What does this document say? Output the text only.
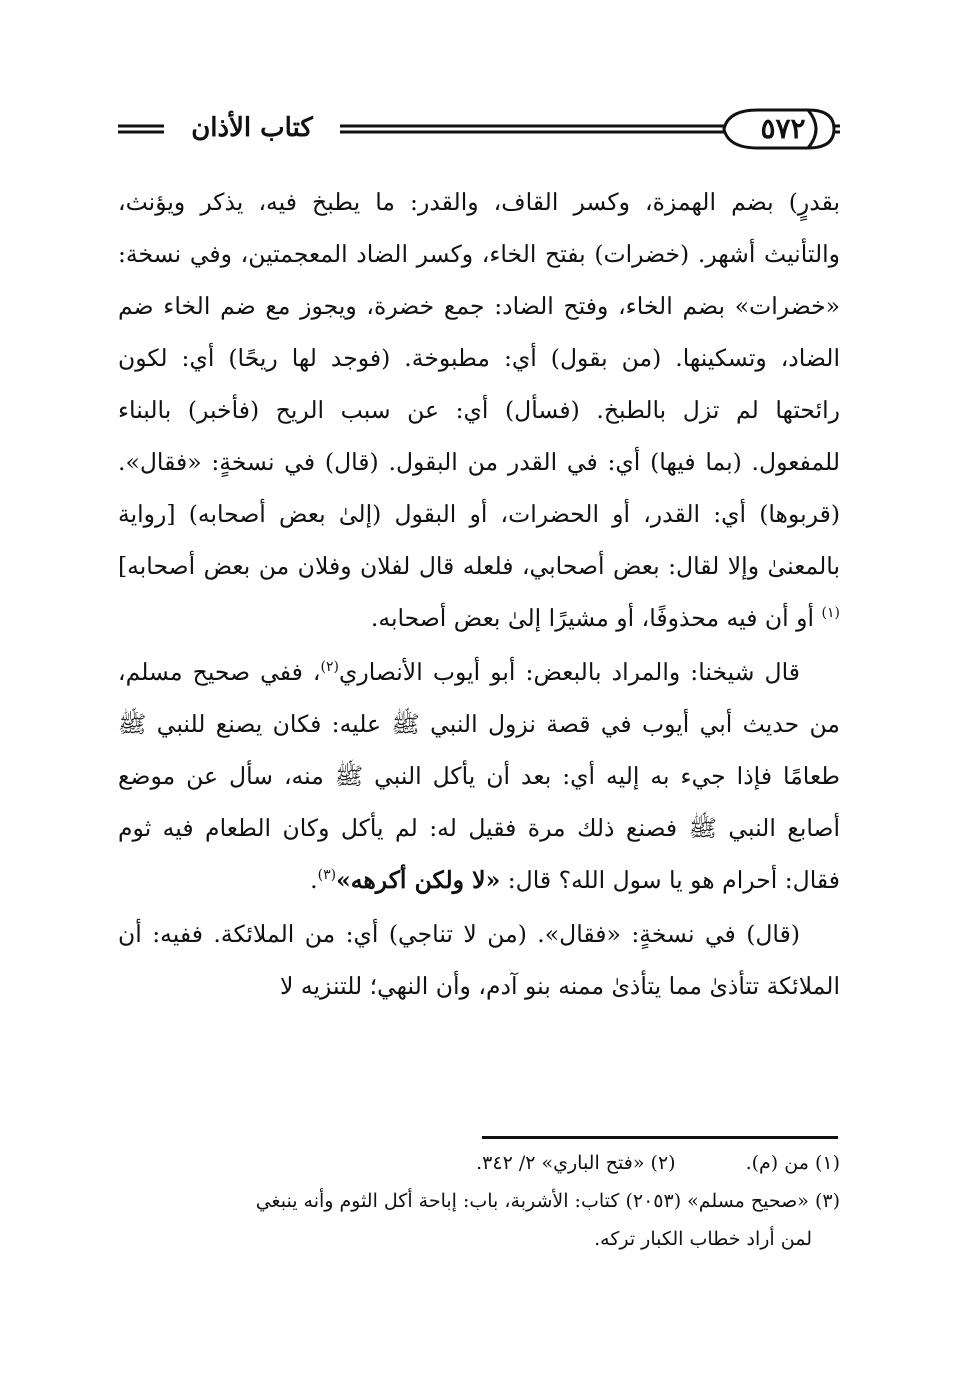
٥٧٢
كتاب الأذان

بقدرٍ) بضم الهمزة، وكسر القاف، والقدر: ما يطبخ فيه، يذكر ويؤنث، والتأنيث أشهر. (خضرات) بفتح الخاء، وكسر الضاد المعجمتين، وفي نسخة: «خضرات» بضم الخاء، وفتح الضاد: جمع خضرة، ويجوز مع ضم الخاء ضم الضاد، وتسكينها. (من بقول) أي: مطبوخة. (فوجد لها ريحًا) أي: لكون رائحتها لم تزل بالطبخ. (فسأل) أي: عن سبب الريح (فأخبر) بالبناء للمفعول. (بما فيها) أي: في القدر من البقول. (قال) في نسخةٍ: «فقال». (قربوها) أي: القدر، أو الحضرات، أو البقول (إلىٰ بعض أصحابه) [رواية بالمعنىٰ وإلا لقال: بعض أصحابي، فلعله قال لفلان وفلان من بعض أصحابه]$^{(١)}$ أو أن فيه محذوفًا، أو مشيرًا إلىٰ بعض أصحابه.

قال شيخنا: والمراد بالبعض: أبو أيوب الأنصاري$^{(٢)}$، ففي صحيح مسلم، من حديث أبي أيوب في قصة نزول النبي ﷺ عليه: فكان يصنع للنبي ﷺ طعامًا فإذا جيء به إليه أي: بعد أن يأكل النبي ﷺ منه، سأل عن موضع أصابع النبي ﷺ فصنع ذلك مرة فقيل له: لم يأكل وكان الطعام فيه ثوم فقال: أحرام هو يا سول الله؟ قال: «لا ولكن أكرهه»$^{(٣)}$.

(قال) في نسخةٍ: «فقال». (من لا تناجي) أي: من الملائكة. ففيه: أن الملائكة تتأذىٰ مما يتأذىٰ ممنه بنو آدم، وأن النهي؛ للتنزيه لا

(١) من (م).
(٢) «فتح الباري» ٢/ ٣٤٢.
(٣) «صحيح مسلم» (٢٠٥٣) كتاب: الأشربة، باب: إباحة أكل الثوم وأنه ينبغي
لمن أراد خطاب الكبار تركه.
